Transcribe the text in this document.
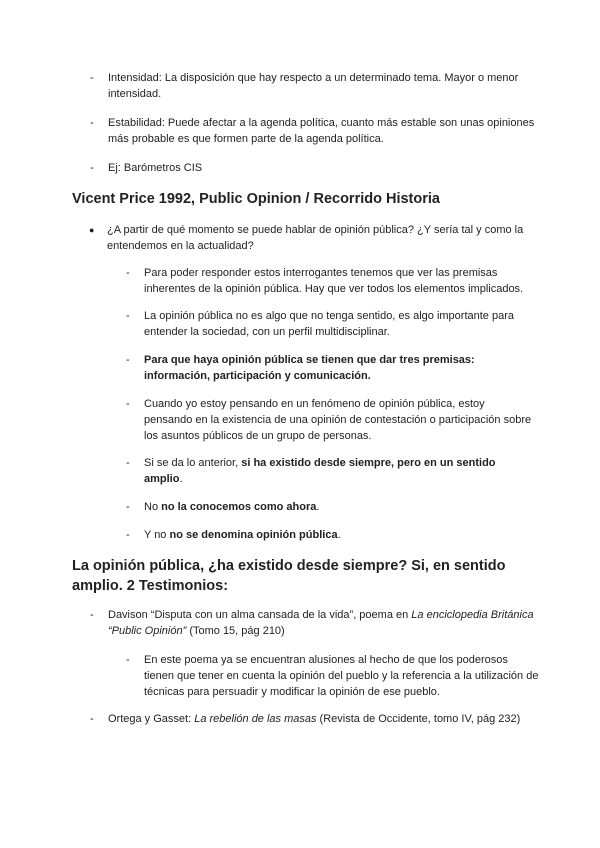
- Intensidad: La disposición que hay respecto a un determinado tema. Mayor o menor intensidad.
- Estabilidad: Puede afectar a la agenda política, cuanto más estable son unas opiniones más probable es que formen parte de la agenda política.
- Ej: Barómetros CIS
Vicent Price 1992, Public Opinion / Recorrido Historia
● ¿A partir de qué momento se puede hablar de opinión pública? ¿Y sería tal y como la entendemos en la actualidad?
- Para poder responder estos interrogantes tenemos que ver las premisas inherentes de la opinión pública. Hay que ver todos los elementos implicados.
- La opinión pública no es algo que no tenga sentido, es algo importante para entender la sociedad, con un perfil multidisciplinar.
- Para que haya opinión pública se tienen que dar tres premisas: información, participación y comunicación.
- Cuando yo estoy pensando en un fenómeno de opinión pública, estoy pensando en la existencia de una opinión de contestación o participación sobre los asuntos públicos de un grupo de personas.
- Si se da lo anterior, si ha existido desde siempre, pero en un sentido amplio.
- No no la conocemos como ahora.
- Y no no se denomina opinión pública.
La opinión pública, ¿ha existido desde siempre? Si, en sentido amplio. 2 Testimonios:
- Davison “Disputa con un alma cansada de la vida”, poema en La enciclopedia Británica “Public Opinión” (Tomo 15, pág 210)
- En este poema ya se encuentran alusiones al hecho de que los poderosos tienen que tener en cuenta la opinión del pueblo y la referencia a la utilización de técnicas para persuadir y modificar la opinión de ese pueblo.
- Ortega y Gasset: La rebelión de las masas (Revista de Occidente, tomo IV, pág 232)
